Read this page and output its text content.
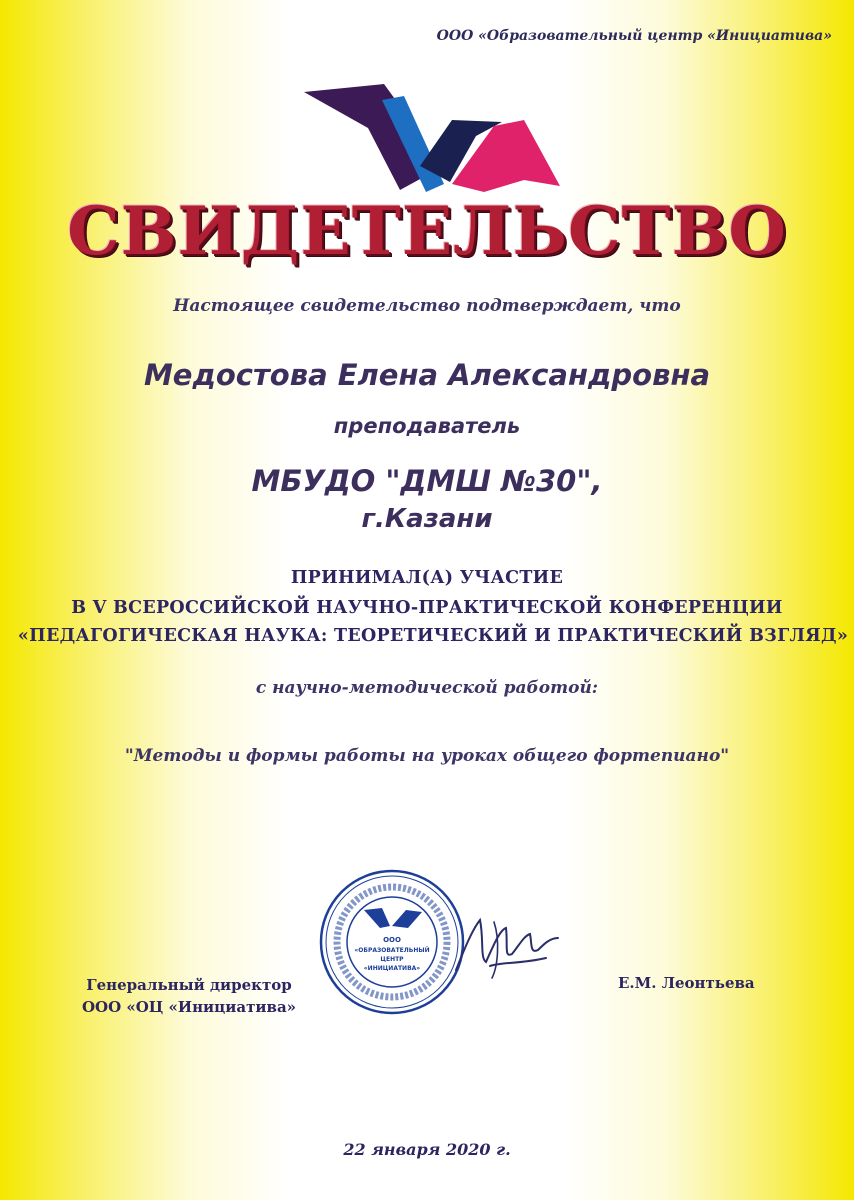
ООО «Образовательный центр «Инициатива»
СВИДЕТЕЛЬСТВО
Настоящее свидетельство подтверждает, что
Медостова Елена Александровна
преподаватель
МБУДО "ДМШ №30",
г.Казани
ПРИНИМАЛ(А) УЧАСТИЕ
В V ВСЕРОССИЙСКОЙ НАУЧНО-ПРАКТИЧЕСКОЙ КОНФЕРЕНЦИИ
«ПЕДАГОГИЧЕСКАЯ НАУКА: ТЕОРЕТИЧЕСКИЙ И ПРАКТИЧЕСКИЙ ВЗГЛЯД»
с научно-методической работой:
"Методы и формы работы на уроках общего фортепиано"
Генеральный директор
ООО «ОЦ «Инициатива»
ООО
«ОБРАЗОВАТЕЛЬНЫЙ
ЦЕНТР
«ИНИЦИАТИВА»
Е.М. Леонтьева
22 января 2020 г.
